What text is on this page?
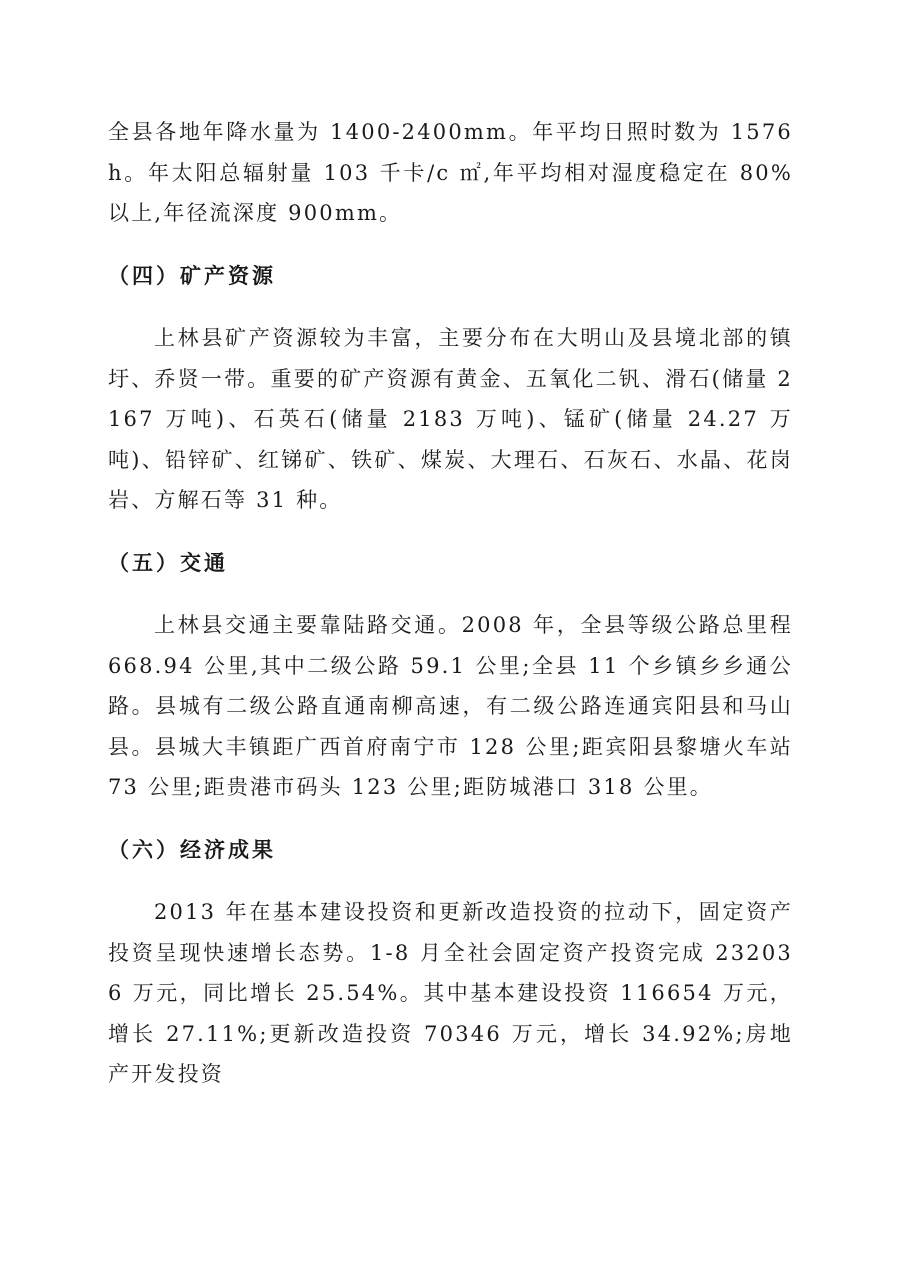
全县各地年降水量为 1400-2400mm。年平均日照时数为 1576h。年太阳总辐射量 103 千卡/c ㎡,年平均相对湿度稳定在 80%以上,年径流深度 900mm。

（四）矿产资源

上林县矿产资源较为丰富，主要分布在大明山及县境北部的镇圩、乔贤一带。重要的矿产资源有黄金、五氧化二钒、滑石(储量 2167 万吨)、石英石(储量 2183 万吨)、锰矿(储量 24.27 万吨)、铅锌矿、红锑矿、铁矿、煤炭、大理石、石灰石、水晶、花岗岩、方解石等 31 种。

（五）交通

上林县交通主要靠陆路交通。2008 年，全县等级公路总里程 668.94 公里,其中二级公路 59.1 公里;全县 11 个乡镇乡乡通公路。县城有二级公路直通南柳高速，有二级公路连通宾阳县和马山县。县城大丰镇距广西首府南宁市 128 公里;距宾阳县黎塘火车站 73 公里;距贵港市码头 123 公里;距防城港口 318 公里。

（六）经济成果

2013 年在基本建设投资和更新改造投资的拉动下，固定资产投资呈现快速增长态势。1-8 月全社会固定资产投资完成 232036 万元，同比增长 25.54%。其中基本建设投资 116654 万元，增长 27.11%;更新改造投资 70346 万元，增长 34.92%;房地产开发投资
